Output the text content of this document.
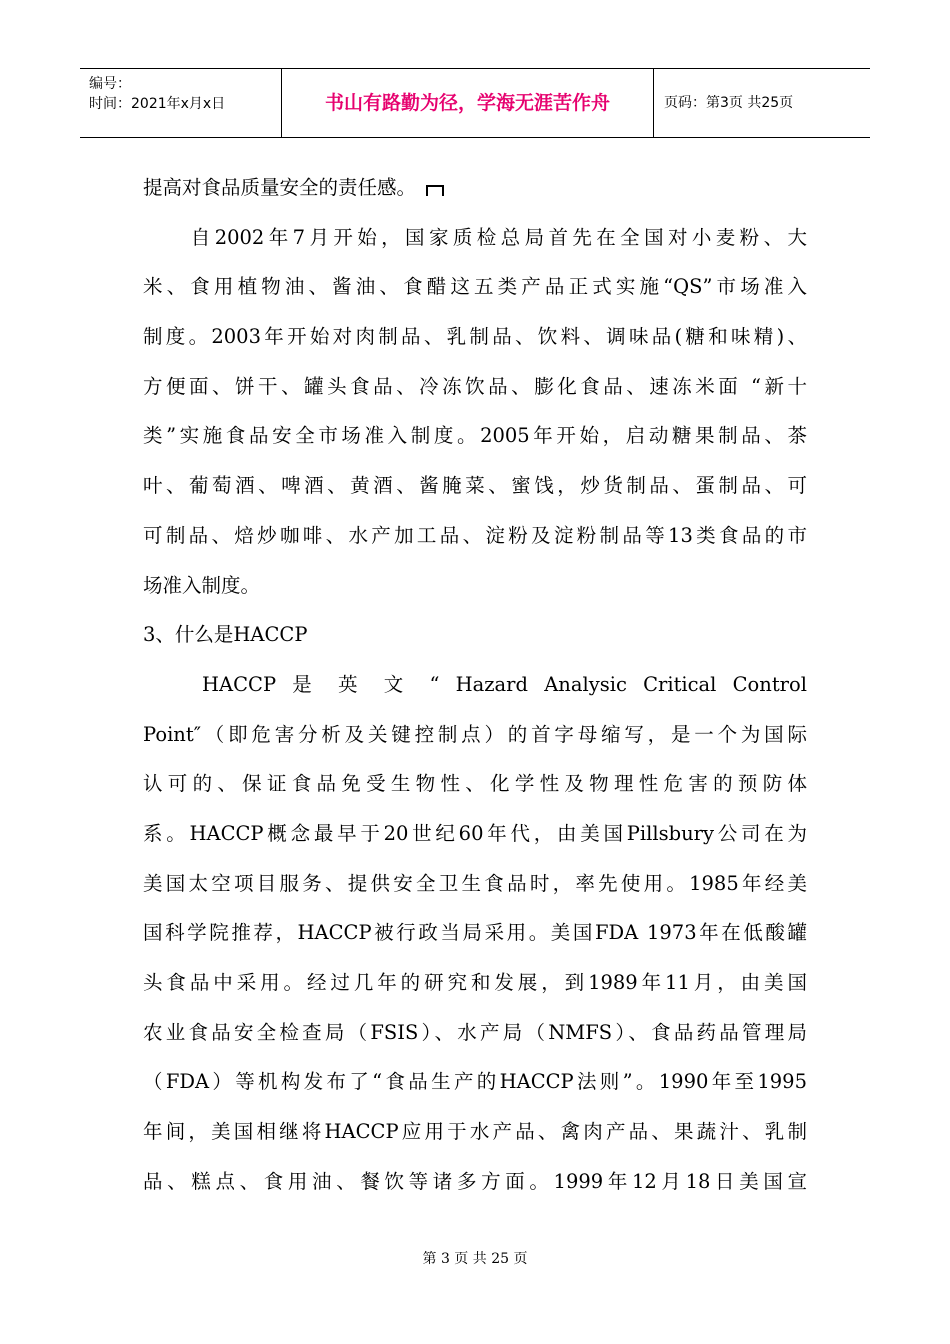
编号：
时间：2021年x月x日	书山有路勤为径，学海无涯苦作舟	页码：第3页 共25页
提高对食品质量安全的责任感。
　　自2002年7月开始，国家质检总局首先在全国对小麦粉、大
米、食用植物油、酱油、食醋这五类产品正式实施“QS”市场准入
制度。2003年开始对肉制品、乳制品、饮料、调味品(糖和味精)、
方便面、饼干、罐头食品、冷冻饮品、膨化食品、速冻米面 “新十
类”实施食品安全市场准入制度。2005年开始，启动糖果制品、茶
叶、葡萄酒、啤酒、黄酒、酱腌菜、蜜饯，炒货制品、蛋制品、可
可制品、焙炒咖啡、水产加工品、淀粉及淀粉制品等13类食品的市
场准入制度。
3、什么是HACCP
　　HACCP 是 英 文 “ Hazard Analysic Critical Control
Point″（即危害分析及关键控制点）的首字母缩写，是一个为国际
认可的、保证食品免受生物性、化学性及物理性危害的预防体
系。HACCP概念最早于20世纪60年代，由美国Pillsbury公司在为
美国太空项目服务、提供安全卫生食品时，率先使用。1985年经美
国科学院推荐，HACCP被行政当局采用。美国FDA 1973年在低酸罐
头食品中采用。经过几年的研究和发展，到1989年11月，由美国
农业食品安全检查局（FSIS）、水产局（NMFS）、食品药品管理局
（FDA）等机构发布了“食品生产的HACCP法则”。1990年至1995
年间，美国相继将HACCP应用于水产品、禽肉产品、果蔬汁、乳制
品、糕点、食用油、餐饮等诸多方面。1999年12月18日美国宣
第 3 页 共 25 页
